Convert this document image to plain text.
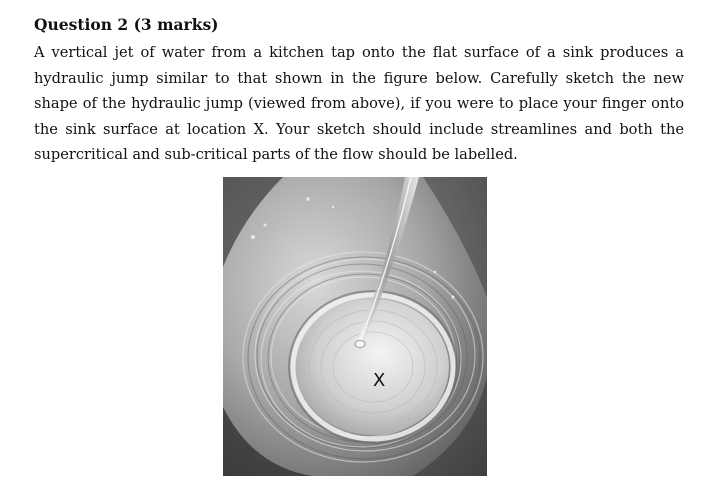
Question 2 (3 marks)

A vertical jet of water from a kitchen tap onto the flat surface of a sink produces a hydraulic jump similar to that shown in the figure below. Carefully sketch the new shape of the hydraulic jump (viewed from above), if you were to place your finger onto the sink surface at location X. Your sketch should include streamlines and both the supercritical and sub-critical parts of the flow should be labelled.

X
